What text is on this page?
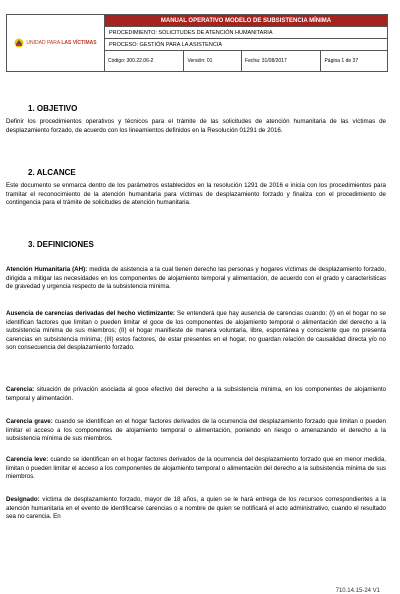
UNIDAD PARA LAS VÍCTIMAS
MANUAL OPERATIVO MODELO DE SUBSISTENCIA MÍNIMA
PROCEDIMIENTO: SOLICITUDES DE ATENCIÓN HUMANITARIA
PROCESO: GESTIÓN PARA LA ASISTENCIA
Código: 300.22.06-2	Versión: 01	Fecha: 31/08/2017	Página 1 de 37
1. OBJETIVO

Definir los procedimientos operativos y técnicos para el trámite de las solicitudes de atención humanitaria de las víctimas de desplazamiento forzado, de acuerdo con los lineamientos definidos en la Resolución 01291 de 2016.

2. ALCANCE

Este documento se enmarca dentro de los parámetros establecidos en la resolución 1291 de 2016 e inicia con los procedimientos para tramitar el reconocimiento de la atención humanitaria para víctimas de desplazamiento forzado y finaliza con el procedimiento de contingencia para el trámite de solicitudes de atención humanitaria.

3. DEFINICIONES

Atención Humanitaria (AH): medida de asistencia a la cual tienen derecho las personas y hogares víctimas de desplazamiento forzado, dirigida a mitigar las necesidades en los componentes de alojamiento temporal y alimentación, de acuerdo con el grado y características de gravedad y urgencia respecto de la subsistencia mínima.

Ausencia de carencias derivadas del hecho victimizante: Se entenderá que hay ausencia de carencias cuando: (I) en el hogar no se identifican factores que limitan o pueden limitar el goce de los componentes de alojamiento temporal o alimentación del derecho a la subsistencia mínima de sus miembros; (II) el hogar manifieste de manera voluntaria, libre, espontánea y consciente que no presenta carencias en subsistencia mínima; (III) estos factores, de estar presentes en el hogar, no guardan relación de causalidad directa y/o no son consecuencia del desplazamiento forzado.

Carencia: situación de privación asociada al goce efectivo del derecho a la subsistencia mínima, en los componentes de alojamiento temporal y alimentación.

Carencia grave: cuando se identifican en el hogar factores derivados de la ocurrencia del desplazamiento forzado que limitan o pueden limitar el acceso a los componentes de alojamiento temporal o alimentación, poniendo en riesgo o amenazando el derecho a la subsistencia mínima de sus miembros.

Carencia leve: cuando se identifican en el hogar factores derivados de la ocurrencia del desplazamiento forzado que en menor medida, limitan o pueden limitar el acceso a los componentes de alojamiento temporal o alimentación del derecho a la subsistencia mínima de sus miembros.

Designado: víctima de desplazamiento forzado, mayor de 18 años, a quien se le hará entrega de los recursos correspondientes a la atención humanitaria en el evento de identificarse carencias o a nombre de quien se notificará el acto administrativo, cuando el resultado sea no carencia. En

710.14.15-24 V1
